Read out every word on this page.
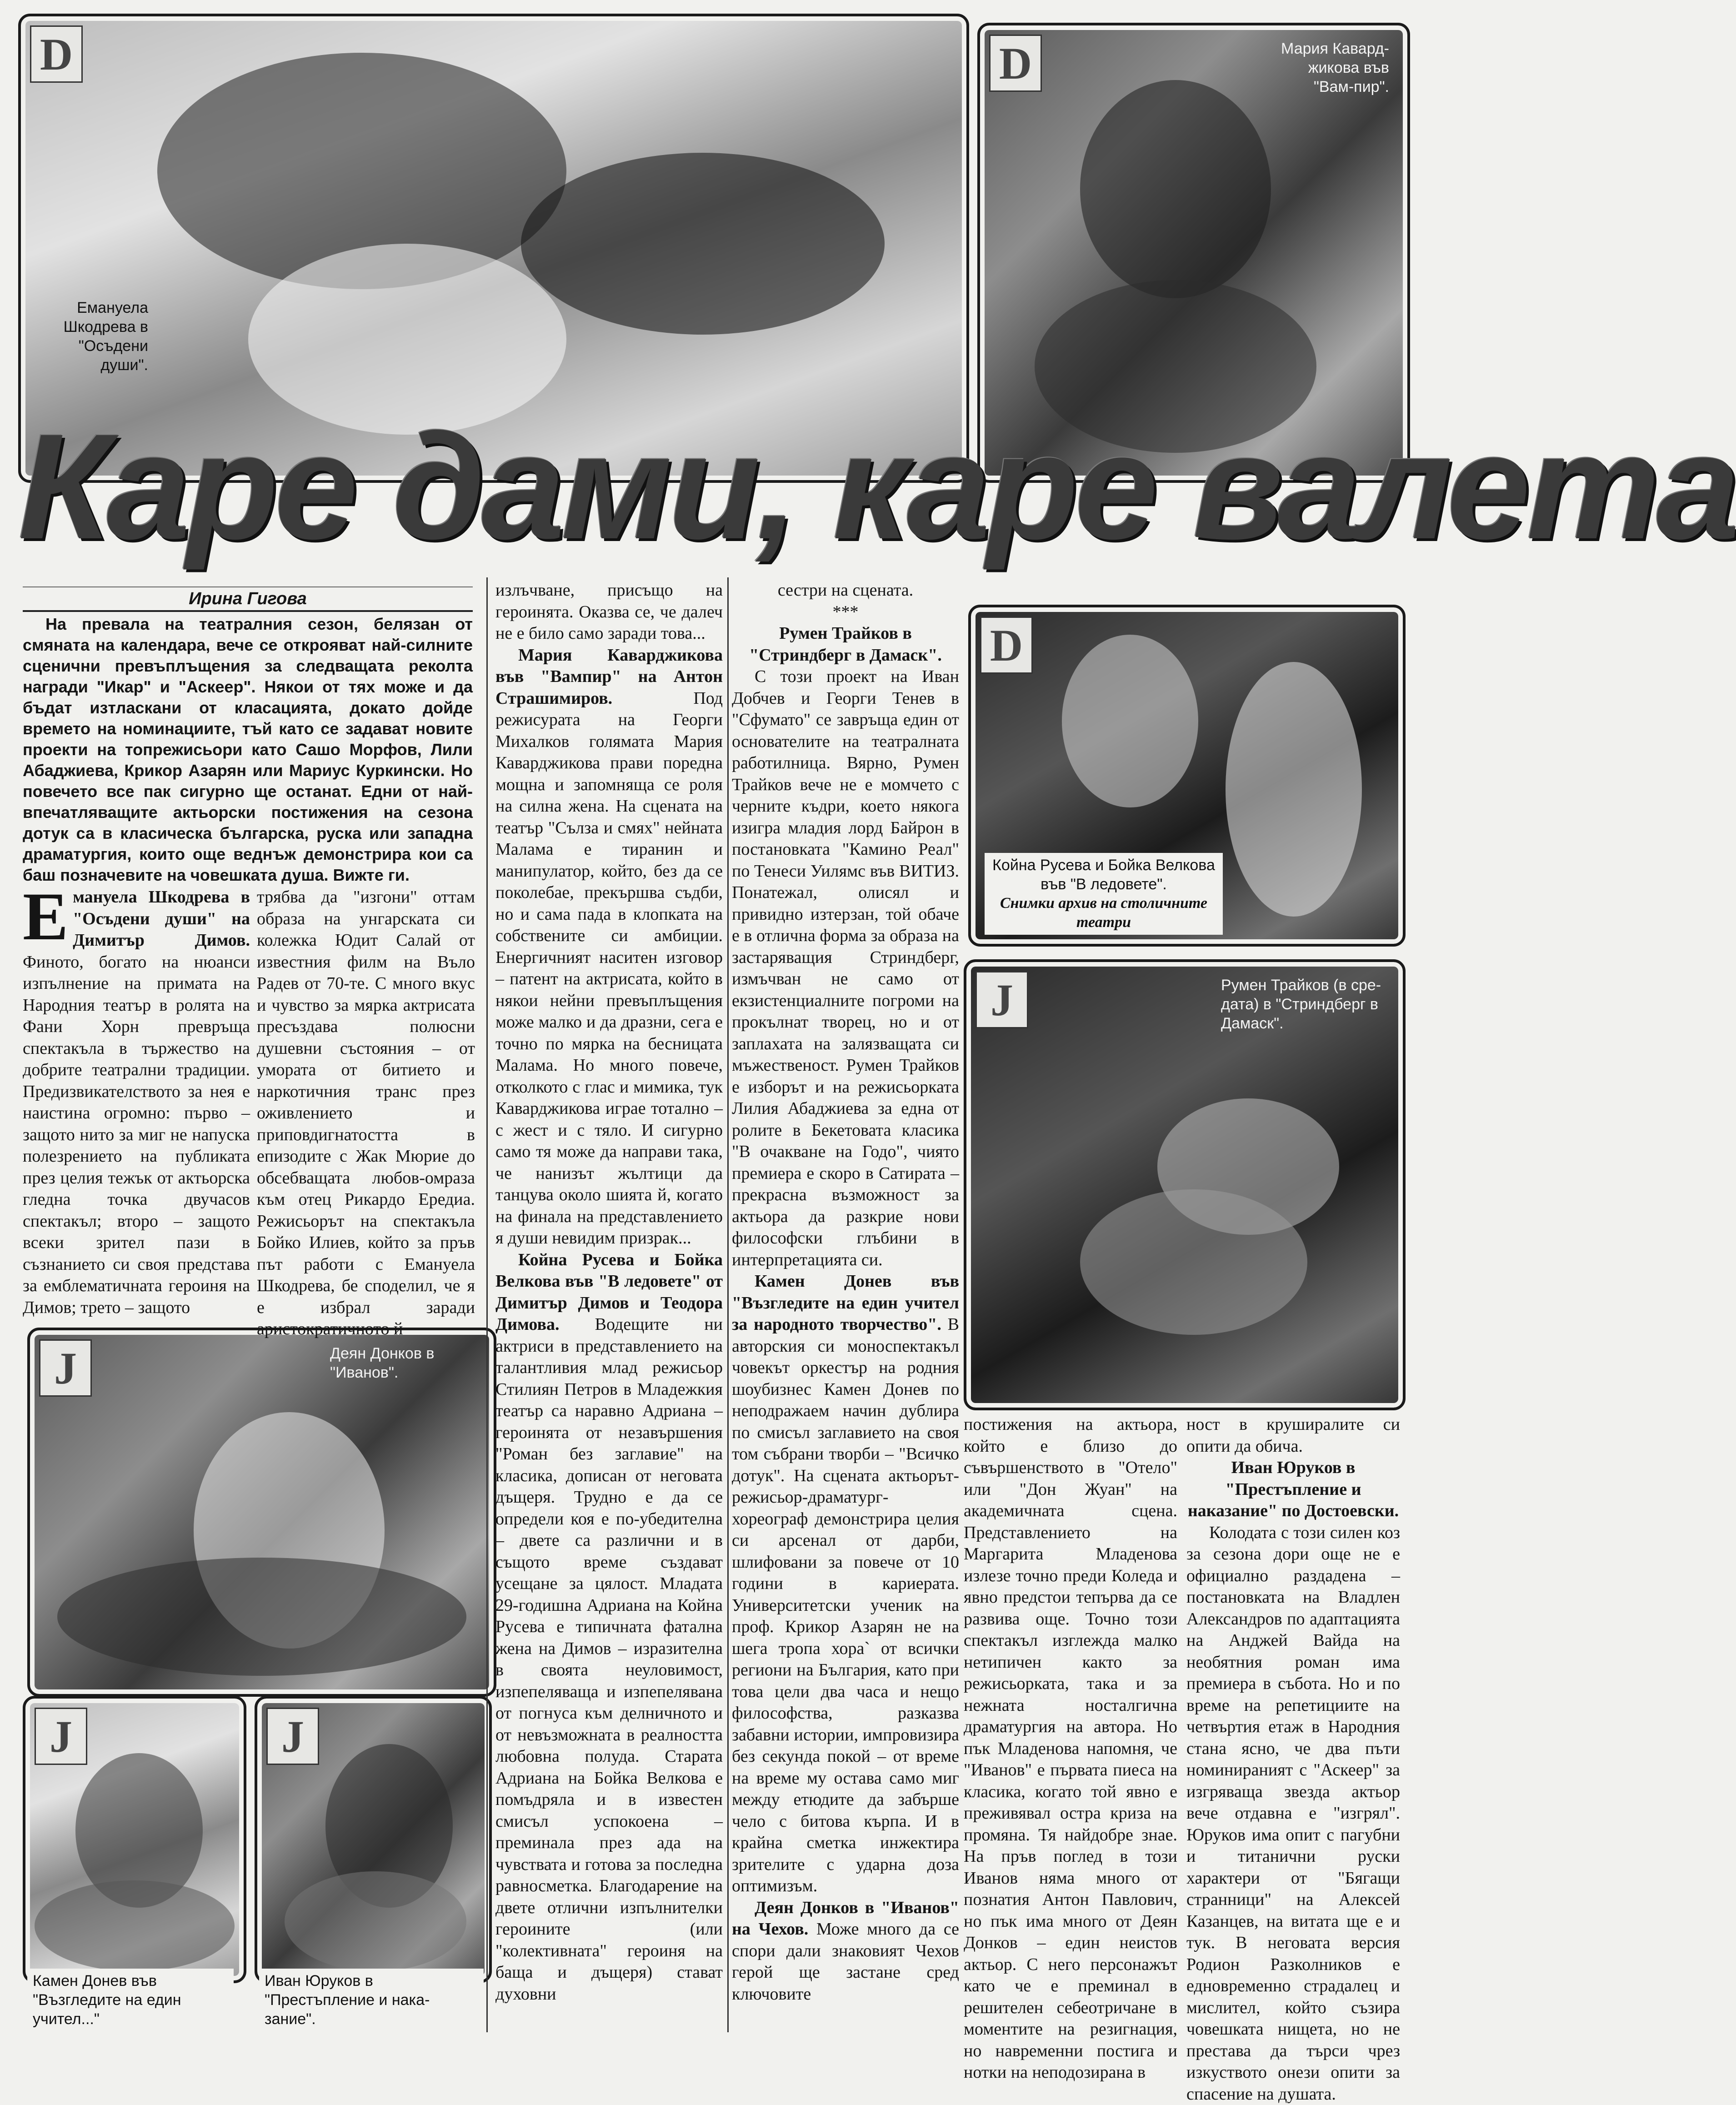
D
Емануела Шкодрева в "Осъдени души".
D	Мария Кавард-жикова във "Вам-пир".
Каре дами, каре валета
D
Койна Русева и Бойка Велкова във "В ледовете".
Снимки архив на столичните театри
J	Румен Трайков (в сре-дата) в "Стриндберг в Дамаск".
J	Деян Донков в "Иванов".
J
Камен Донев във "Възгледите на един учител..."
J
Иван Юруков в "Престъпление и нака-зание".
Ирина Гигова

На превала на театралния сезон, белязан от смяната на календара, вече се открояват най-силните сценични превъплъщения за следващата реколта награди "Икар" и "Аскеер". Някои от тях може и да бъдат изтласкани от класацията, докато дойде времето на номинациите, тъй като се задават новите проекти на топрежисьори като Сашо Морфов, Лили Абаджиева, Крикор Азарян или Мариус Куркински. Но повечето все пак сигурно ще останат. Едни от най-впечатляващите актьорски постижения на сезона дотук са в класическа българска, руска или западна драматургия, които още веднъж демонстрира кои са баш позначевите на човешката душа. Вижте ги.

Е мануела Шкодрева в "Осъдени души" на Димитър Димов. Финото, богато на нюанси изпълнение на примата на Народния театър в ролята на Фани Хорн превръща спектакъла в тържество на добрите театрални традиции. Предизвикателството за нея е наистина огромно: първо – защото нито за миг не напуска полезрението на публиката през целия тежък от актьорска гледна точка двучасов спектакъл; второ – защото всеки зрител пази в съзнанието си своя представа за емблематичната героиня на Димов; трето – защото

трябва да "изгони" оттам образа на унгарската си колежка Юдит Салай от известния филм на Вълo Радев от 70-те. С много вкус и чувство за мярка актрисата пресъздава полюсни душевни състояния – от умората от битието и наркотичния транс през оживлението и приповдигнатостта в епизодите с Жак Мюрие до обсебващата любов-омраза към отец Рикардо Ередиа. Режисьорът на спектакъла Бойко Илиев, който за пръв път работи с Емануела Шкодрева, бе споделил, че я е избрал заради аристократичното й

излъчване, присъщо на героинята. Оказва се, че далеч не е било само заради това...

Мария Каварджикова във "Вампир" на Антон Страшимиров.	Под режисурата на Георги Михалков голямата Мария Каварджикова прави поредна мощна и запомняща се роля на силна жена. На сцената на театър "Сълза и смях" нейната Малама е тиранин и манипулатор, който, без да се поколебае, прекършва съдби, но и сама пада в клопката на собствените си амбиции. Енергичният наситен изговор – патент на актрисата, който в някои нейни превъплъщения може малко и да дразни, сега е точно по мярка на бесницата Малама. Но много повече, отколкото с глас и мимика, тук Каварджикова играе тотално – с жест и с тяло. И сигурно само тя може да направи така, че нанизът жълтици да танцува около шията й, когато на финала на представлението я души невидим призрак...

Койна Русева и Бойка Велкова във "В ледовете" от Димитър Димов и Теодора Димова. Водещите ни актриси в представлението на талантливия млад режисьор Стилиян Петров в Младежкия театър са наравно Адриана – героинята от незавършения "Роман без заглавие" на класика, дописан от неговата дъщеря. Трудно е да се определи коя е по-убедителна – двете са различни и в същото време създават усещане за цялост. Младата 29-годишна Адриана на Койна Русева е типичната фатална жена на Димов – изразителна в своята неуловимост, изпепеляваща и изпепелявана от погнуса към делничното и от невъзможната в реалността любовна полуда. Старата Адриана на Бойка Велкова е помъдряла и в известен смисъл успокоена – преминала през ада на чувствата и готова за последна равносметка. Благодарение на двете отлични изпълнителки героините (или "колективната" героиня на баща и дъщеря) стават духовни

сестри на сцената.

***

Румен Трайков в "Стриндберг в Дамаск".

С този проект на Иван Добчев и Георги Тенев в "Сфумато" се завръща един от основателите на театралната работилница. Вярно, Румен Трайков вече не е момчето с черните къдри, което някога изигра младия лорд Байрон в постановката "Камино Реал" по Тенеси Уилямс във ВИТИЗ. Понатежал, олисял и привидно изтерзан, той обаче е в отлична форма за образа на застаряващия Стриндберг, измъчван не само от екзистенциалните погроми на прокълнат творец, но и от заплахата на залязващата си мъжественост. Румен Трайков е изборът и на режисьорката Лилия Абаджиева за една от ролите в Бекетовата класика "В очакване на Годо", чиято премиера е скоро в Сатирата – прекрасна възможност за актьора да разкрие нови философски глъбини в интерпретацията си.

Камен Донев във "Възгледите на един учител за народното творчество". В авторския си моноспектакъл човекът оркестър на родния шоубизнес Камен Донев по неподражаем начин дублира по смисъл заглавието на своя том събрани творби – "Всичко дотук". На сцената актьорът-режисьор-драматург-хореограф демонстрира целия си арсенал от дарби, шлифовани за повече от 10 години в кариерата. Университетски ученик на проф. Крикор Азарян не на шега тропа хора` от всички региони на България, като при това цели два часа и нещо философства, разказва забавни истории, импровизира без секунда покой – от време на време му остава само миг между етюдите да забърше чело с битова кърпа. И в крайна сметка инжектира зрителите с ударна доза оптимизъм.

Деян Донков в "Иванов" на Чехов. Може много да се спори дали знаковият Чехов герой ще застане сред ключовите

постижения на актьора, който е близо до съвършенството в "Отело" или "Дон Жуан" на академичната сцена. Представлението на Маргарита Младенова излезе точно преди Коледа и явно предстои тепърва да се развива още. Точно този спектакъл изглежда малко нетипичен както за режисьорката, така и за нежната носталгична драматургия на автора. Но пък Младенова напомня, че "Иванов" е първата пиеса на класика, когато той явно е преживявал остра криза на промяна. Тя найдобре знае. На пръв поглед в този Иванов няма много от познатия Антон Павлович, но пък има много от Деян Донков – един неистов актьор. С него персонажът като че е преминал в решителен себеотричане в моментите на резигнация, но навременни постига и нотки на неподозирана в

ност в круширалите си опити да обича.

Иван Юруков в "Престъпление и наказание" по Достоевски.

Колодата с този силен коз за сезона дори още не е официално раздадена – постановката на Владлен Александров по адаптацията на Анджей Вайда на необятния роман има премиера в събота. Но и по време на репетициите на четвъртия етаж в Народния стана ясно, че два пъти номинираният с "Аскеер" за изгряваща звезда актьор вече отдавна е "изгрял". Юруков има опит с пагубни и титанични руски характери от "Бягащи странници" на Алексей Казанцев, на витата ще е и тук. В неговата версия Родион Разколников е едновременно страдалец и мислител, който съзира човешката нищета, но не престава да търси чрез изкуството онези опити за спасение на душата.
